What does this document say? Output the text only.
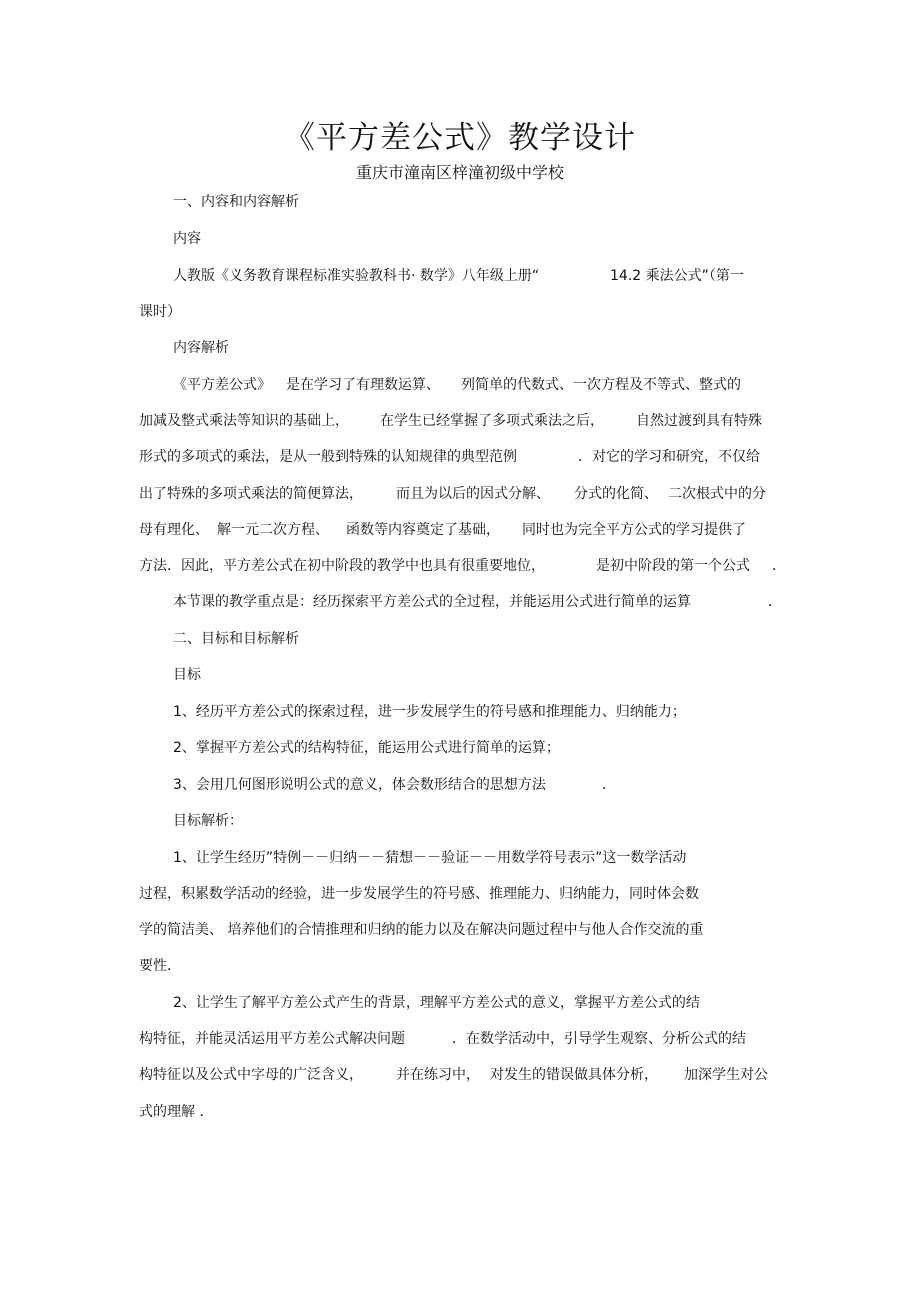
《平方差公式》教学设计
重庆市潼南区梓潼初级中学校
一、内容和内容解析
内容
人教版《义务教育课程标准实验教科书· 数学》八年级上册“	14.2 乘法公式”（第一
课时）
内容解析
《平方差公式》 是在学习了有理数运算、 列简单的代数式、一次方程及不等式、整式的
加减及整式乘法等知识的基础上， 在学生已经掌握了多项式乘法之后， 自然过渡到具有特殊
形式的多项式的乘法，是从一般到特殊的认知规律的典型范例	．对它的学习和研究，不仅给
出了特殊的多项式乘法的简便算法， 而且为以后的因式分解、 分式的化简、 二次根式中的分
母有理化、 解一元二次方程、 函数等内容奠定了基础， 同时也为完全平方公式的学习提供了
方法．因此，平方差公式在初中阶段的教学中也具有很重要地位，	是初中阶段的第一个公式 ．
本节课的教学重点是：经历探索平方差公式的全过程，并能运用公式进行简单的运算	．
二、目标和目标解析
目标
1、经历平方差公式的探索过程，进一步发展学生的符号感和推理能力、归纳能力；
2、掌握平方差公式的结构特征，能运用公式进行简单的运算；
3、会用几何图形说明公式的意义，体会数形结合的思想方法	．
目标解析：
1、让学生经历”特例－－归纳－－猜想－－验证－－用数学符号表示”这一数学活动
过程，积累数学活动的经验，进一步发展学生的符号感、推理能力、归纳能力，同时体会数
学的简洁美、 培养他们的合情推理和归纳的能力以及在解决问题过程中与他人合作交流的重
要性．
2、让学生了解平方差公式产生的背景，理解平方差公式的意义，掌握平方差公式的结
构特征，并能灵活运用平方差公式解决问题	．在数学活动中，引导学生观察、分析公式的结
构特征以及公式中字母的广泛含义， 并在练习中， 对发生的错误做具体分析， 加深学生对公
式的理解 ．
